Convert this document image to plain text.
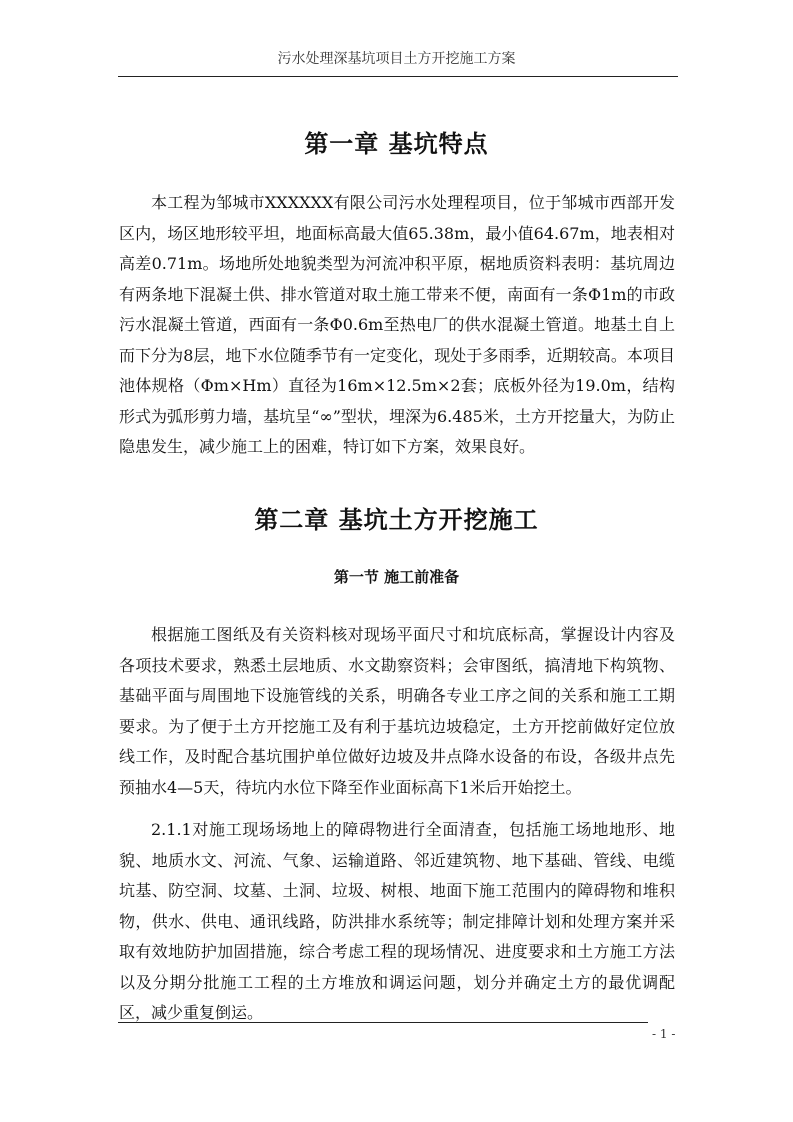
污水处理深基坑项目土方开挖施工方案
第一章 基坑特点

本工程为邹城市XXXXXX有限公司污水处理程项目，位于邹城市西部开发区内，场区地形较平坦，地面标高最大值65.38m，最小值64.67m，地表相对高差0.71m。场地所处地貌类型为河流冲积平原，椐地质资料表明：基坑周边有两条地下混凝土供、排水管道对取土施工带来不便，南面有一条Φ1m的市政污水混凝土管道，西面有一条Φ0.6m至热电厂的供水混凝土管道。地基土自上而下分为8层，地下水位随季节有一定变化，现处于多雨季，近期较高。本项目池体规格（Φm×Hm）直径为16m×12.5m×2套；底板外径为19.0m，结构形式为弧形剪力墙，基坑呈“∞”型状，埋深为6.485米，土方开挖量大，为防止隐患发生，减少施工上的困难，特订如下方案，效果良好。

第二章 基坑土方开挖施工
第一节 施工前准备

根据施工图纸及有关资料核对现场平面尺寸和坑底标高，掌握设计内容及各项技术要求，熟悉土层地质、水文勘察资料；会审图纸，搞清地下构筑物、基础平面与周围地下设施管线的关系，明确各专业工序之间的关系和施工工期要求。为了便于土方开挖施工及有利于基坑边坡稳定，土方开挖前做好定位放线工作，及时配合基坑围护单位做好边坡及井点降水设备的布设，各级井点先预抽水4—5天，待坑内水位下降至作业面标高下1米后开始挖土。

2.1.1对施工现场场地上的障碍物进行全面清查，包括施工场地地形、地貌、地质水文、河流、气象、运输道路、邻近建筑物、地下基础、管线、电缆坑基、防空洞、坟墓、土洞、垃圾、树根、地面下施工范围内的障碍物和堆积物，供水、供电、通讯线路，防洪排水系统等；制定排障计划和处理方案并采取有效地防护加固措施，综合考虑工程的现场情况、进度要求和土方施工方法以及分期分批施工工程的土方堆放和调运问题，划分并确定土方的最优调配区，减少重复倒运。

- 1 -
